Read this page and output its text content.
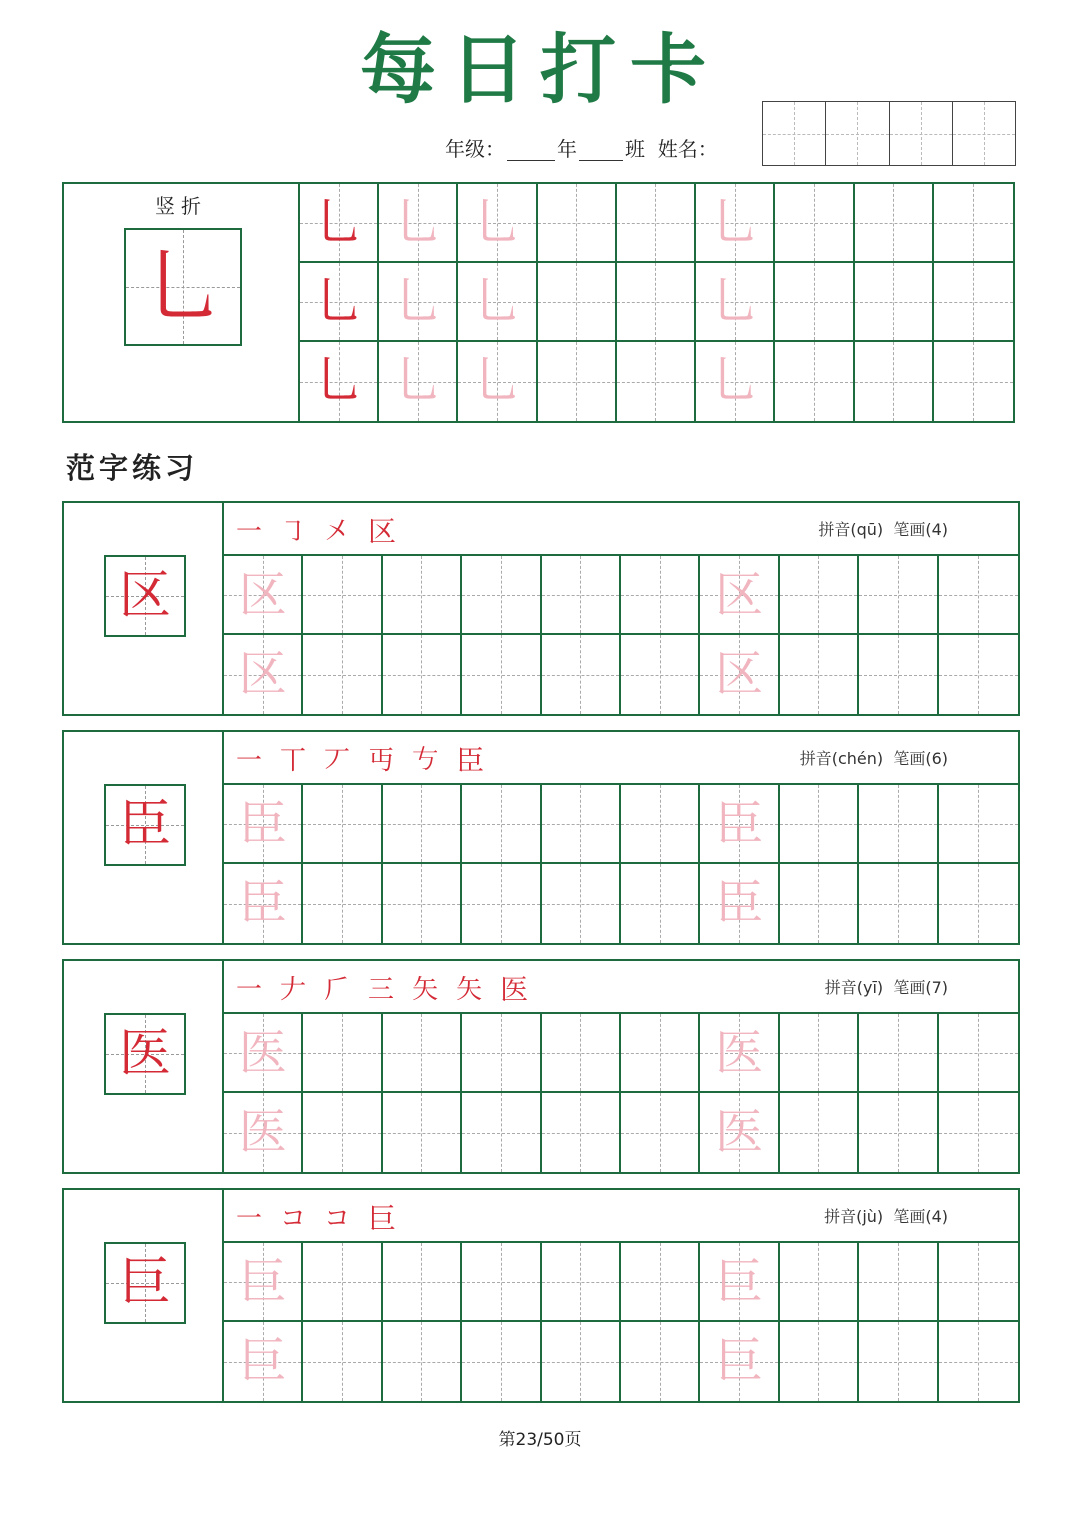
每日打卡
年级：	年 班 姓名：
竖折
乚
乚 乚 乚	乚
乚 乚 乚	乚
乚 乚 乚	乚
范字练习
区
一 ㇆ 㐅 区	拼音(qū) 笔画(4)
区	区
区	区
臣
一 丅 丆 丏 𠀁 臣	拼音(chén) 笔画(6)
臣	臣
臣	臣
医
一 𠂇 𠂆 三 矢 矢 医	拼音(yī) 笔画(7)
医	医
医	医
巨
一 コ コ 巨	拼音(jù) 笔画(4)
巨	巨
巨	巨
第23/50页
